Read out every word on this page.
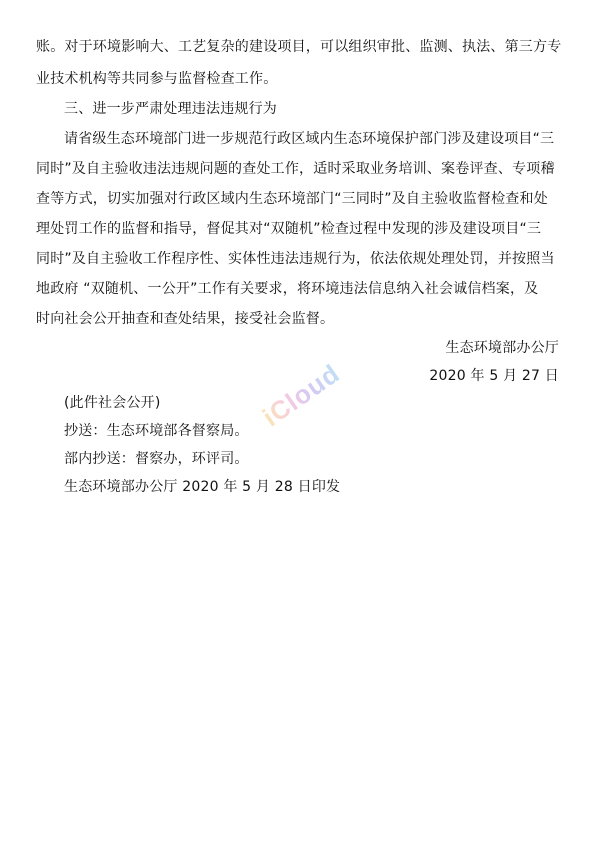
账。对于环境影响大、工艺复杂的建设项目，可以组织审批、监测、执法、第三方专
业技术机构等共同参与监督检查工作。
三、进一步严肃处理违法违规行为
请省级生态环境部门进一步规范行政区域内生态环境保护部门涉及建设项目“三
同时”及自主验收违法违规问题的查处工作，适时采取业务培训、案卷评查、专项稽
查等方式，切实加强对行政区域内生态环境部门“三同时”及自主验收监督检查和处
理处罚工作的监督和指导，督促其对“双随机”检查过程中发现的涉及建设项目“三
同时”及自主验收工作程序性、实体性违法违规行为，依法依规处理处罚，并按照当
地政府 “双随机、一公开”工作有关要求，将环境违法信息纳入社会诚信档案，及
时向社会公开抽查和查处结果，接受社会监督。
生态环境部办公厅
2020 年 5 月 27 日
(此件社会公开)
抄送：生态环境部各督察局。
部内抄送：督察办，环评司。
生态环境部办公厅 2020 年 5 月 28 日印发
iCloud
